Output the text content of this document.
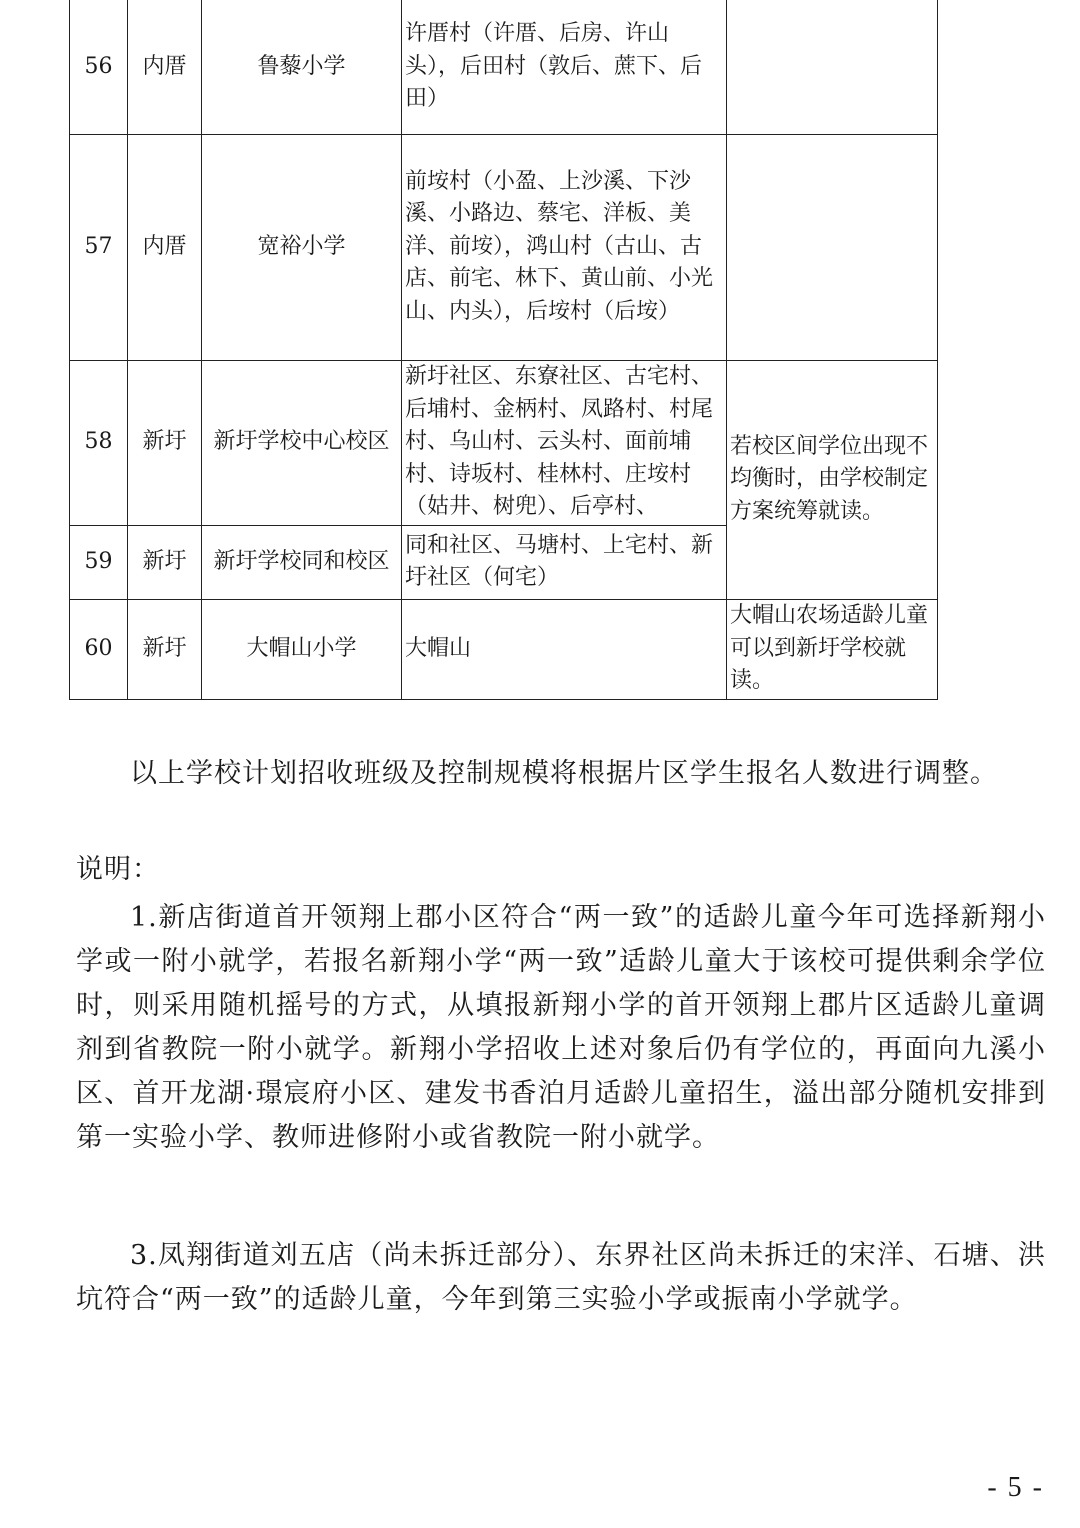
56	内厝	鲁藜小学	许厝村（许厝、后房、许山头），后田村（敦后、蔗下、后田）	
57	内厝	宽裕小学	前垵村（小盈、上沙溪、下沙溪、小路边、蔡宅、洋板、美洋、前垵），鸿山村（古山、古店、前宅、林下、黄山前、小光山、内头），后垵村（后垵）	
58	新圩	新圩学校中心校区	新圩社区、东寮社区、古宅村、后埔村、金柄村、凤路村、村尾村、乌山村、云头村、面前埔村、诗坂村、桂林村、庄垵村（姑井、树兜）、后亭村、	若校区间学位出现不均衡时，由学校制定方案统筹就读。
59	新圩	新圩学校同和校区	同和社区、马塘村、上宅村、新圩社区（何宅）	
60	新圩	大帽山小学	大帽山	大帽山农场适龄儿童可以到新圩学校就读。

以上学校计划招收班级及控制规模将根据片区学生报名人数进行调整。

说明：

1.新店街道首开领翔上郡小区符合“两一致”的适龄儿童今年可选择新翔小学或一附小就学，若报名新翔小学“两一致”适龄儿童大于该校可提供剩余学位时，则采用随机摇号的方式，从填报新翔小学的首开领翔上郡片区适龄儿童调剂到省教院一附小就学。新翔小学招收上述对象后仍有学位的，再面向九溪小区、首开龙湖·璟宸府小区、建发书香泊月适龄儿童招生，溢出部分随机安排到第一实验小学、教师进修附小或省教院一附小就学。

3.凤翔街道刘五店（尚未拆迁部分）、东界社区尚未拆迁的宋洋、石塘、洪坑符合“两一致”的适龄儿童，今年到第三实验小学或振南小学就学。

- 5 -
